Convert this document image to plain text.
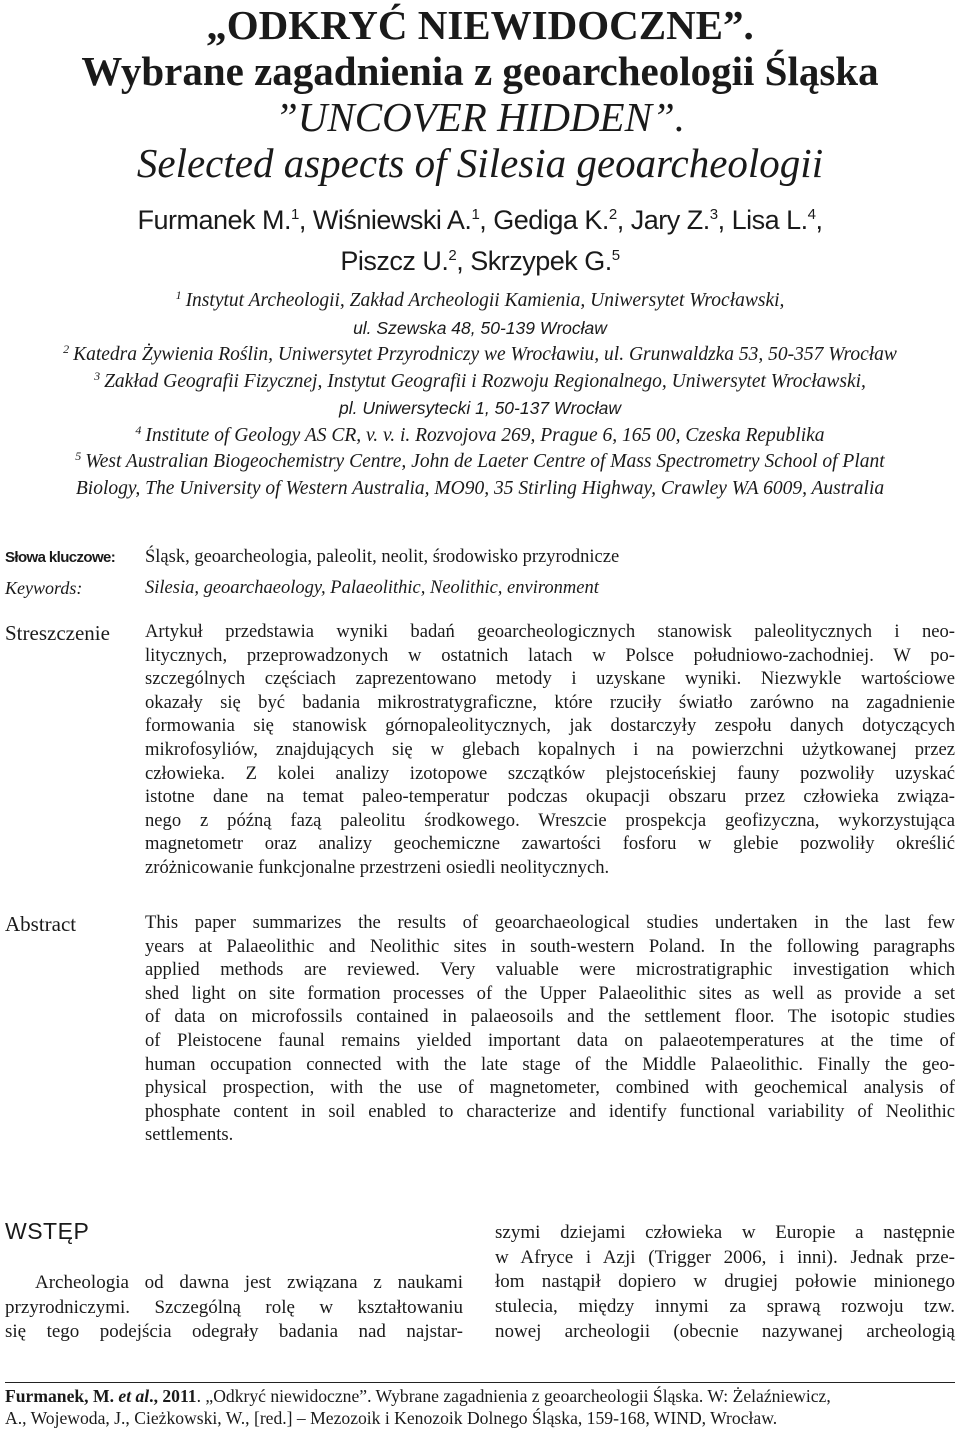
„ODKRYĆ NIEWIDOCZNE”.

Wybrane zagadnienia z geoarcheologii Śląska

”UNCOVER HIDDEN”.

Selected aspects of Silesia geoarcheologii

Furmanek M.$^1$, Wiśniewski A.$^1$, Gediga K.$^2$, Jary Z.$^3$, Lisa L.$^4$,
Piszcz U.$^2$, Skrzypek G.$^5$

$^1$ Instytut Archeologii, Zakład Archeologii Kamienia, Uniwersytet Wrocławski,

ul. Szewska 48, 50-139 Wrocław

$^2$ Katedra Żywienia Roślin, Uniwersytet Przyrodniczy we Wrocławiu, ul. Grunwaldzka 53, 50-357 Wrocław

$^3$ Zakład Geografii Fizycznej, Instytut Geografii i Rozwoju Regionalnego, Uniwersytet Wrocławski,

pl. Uniwersytecki 1, 50-137 Wrocław

$^4$ Institute of Geology AS CR, v. v. i. Rozvojova 269, Prague 6, 165 00, Czeska Republika

$^5$ West Australian Biogeochemistry Centre, John de Laeter Centre of Mass Spectrometry School of Plant

Biology, The University of Western Australia, MO90, 35 Stirling Highway, Crawley WA 6009, Australia

Słowa kluczowe:	Śląsk, geoarcheologia, paleolit, neolit, środowisko przyrodnicze
Keywords:	Silesia, geoarchaeology, Palaeolithic, Neolithic, environment
Streszczenie	Artykuł przedstawia wyniki badań geoarcheologicznych stanowisk paleolitycznych i neo-
litycznych, przeprowadzonych w ostatnich latach w Polsce południowo-zachodniej. W po-
szczególnych częściach zaprezentowano metody i uzyskane wyniki. Niezwykle wartościowe
okazały się być badania mikrostratygraficzne, które rzuciły światło zarówno na zagadnienie
formowania się stanowisk górnopaleolitycznych, jak dostarczyły zespołu danych dotyczących
mikrofosyliów, znajdujących się w glebach kopalnych i na powierzchni użytkowanej przez
człowieka. Z kolei analizy izotopowe szczątków plejstoceńskiej fauny pozwoliły uzyskać
istotne dane na temat paleo-temperatur podczas okupacji obszaru przez człowieka związa-
nego z późną fazą paleolitu środkowego. Wreszcie prospekcja geofizyczna, wykorzystująca
magnetometr oraz analizy geochemiczne zawartości fosforu w glebie pozwoliły określić
zróżnicowanie funkcjonalne przestrzeni osiedli neolitycznych.
Abstract	This paper summarizes the results of geoarchaeological studies undertaken in the last few
years at Palaeolithic and Neolithic sites in south-western Poland. In the following paragraphs
applied methods are reviewed. Very valuable were microstratigraphic investigation which
shed light on site formation processes of the Upper Palaeolithic sites as well as provide a set
of data on microfossils contained in palaeosoils and the settlement floor. The isotopic studies
of Pleistocene faunal remains yielded important data on palaeotemperatures at the time of
human occupation connected with the late stage of the Middle Palaeolithic. Finally the geo-
physical prospection, with the use of magnetometer, combined with geochemical analysis of
phosphate content in soil enabled to characterize and identify functional variability of Neolithic
settlements.
WSTĘP
Archeologia od dawna jest związana z naukami
przyrodniczymi. Szczególną rolę w kształtowaniu
się tego podejścia odegrały badania nad najstar-
szymi dziejami człowieka w Europie a następnie
w Afryce i Azji (Trigger 2006, i inni). Jednak prze-
łom nastąpił dopiero w drugiej połowie minionego
stulecia, między innymi za sprawą rozwoju tzw.
nowej archeologii (obecnie nazywanej archeologią
Furmanek, M. et al., 2011. „Odkryć niewidoczne”. Wybrane zagadnienia z geoarcheologii Śląska. W: Żelaźniewicz,
A., Wojewoda, J., Cieżkowski, W., [red.] – Mezozoik i Kenozoik Dolnego Śląska, 159-168, WIND, Wrocław.
